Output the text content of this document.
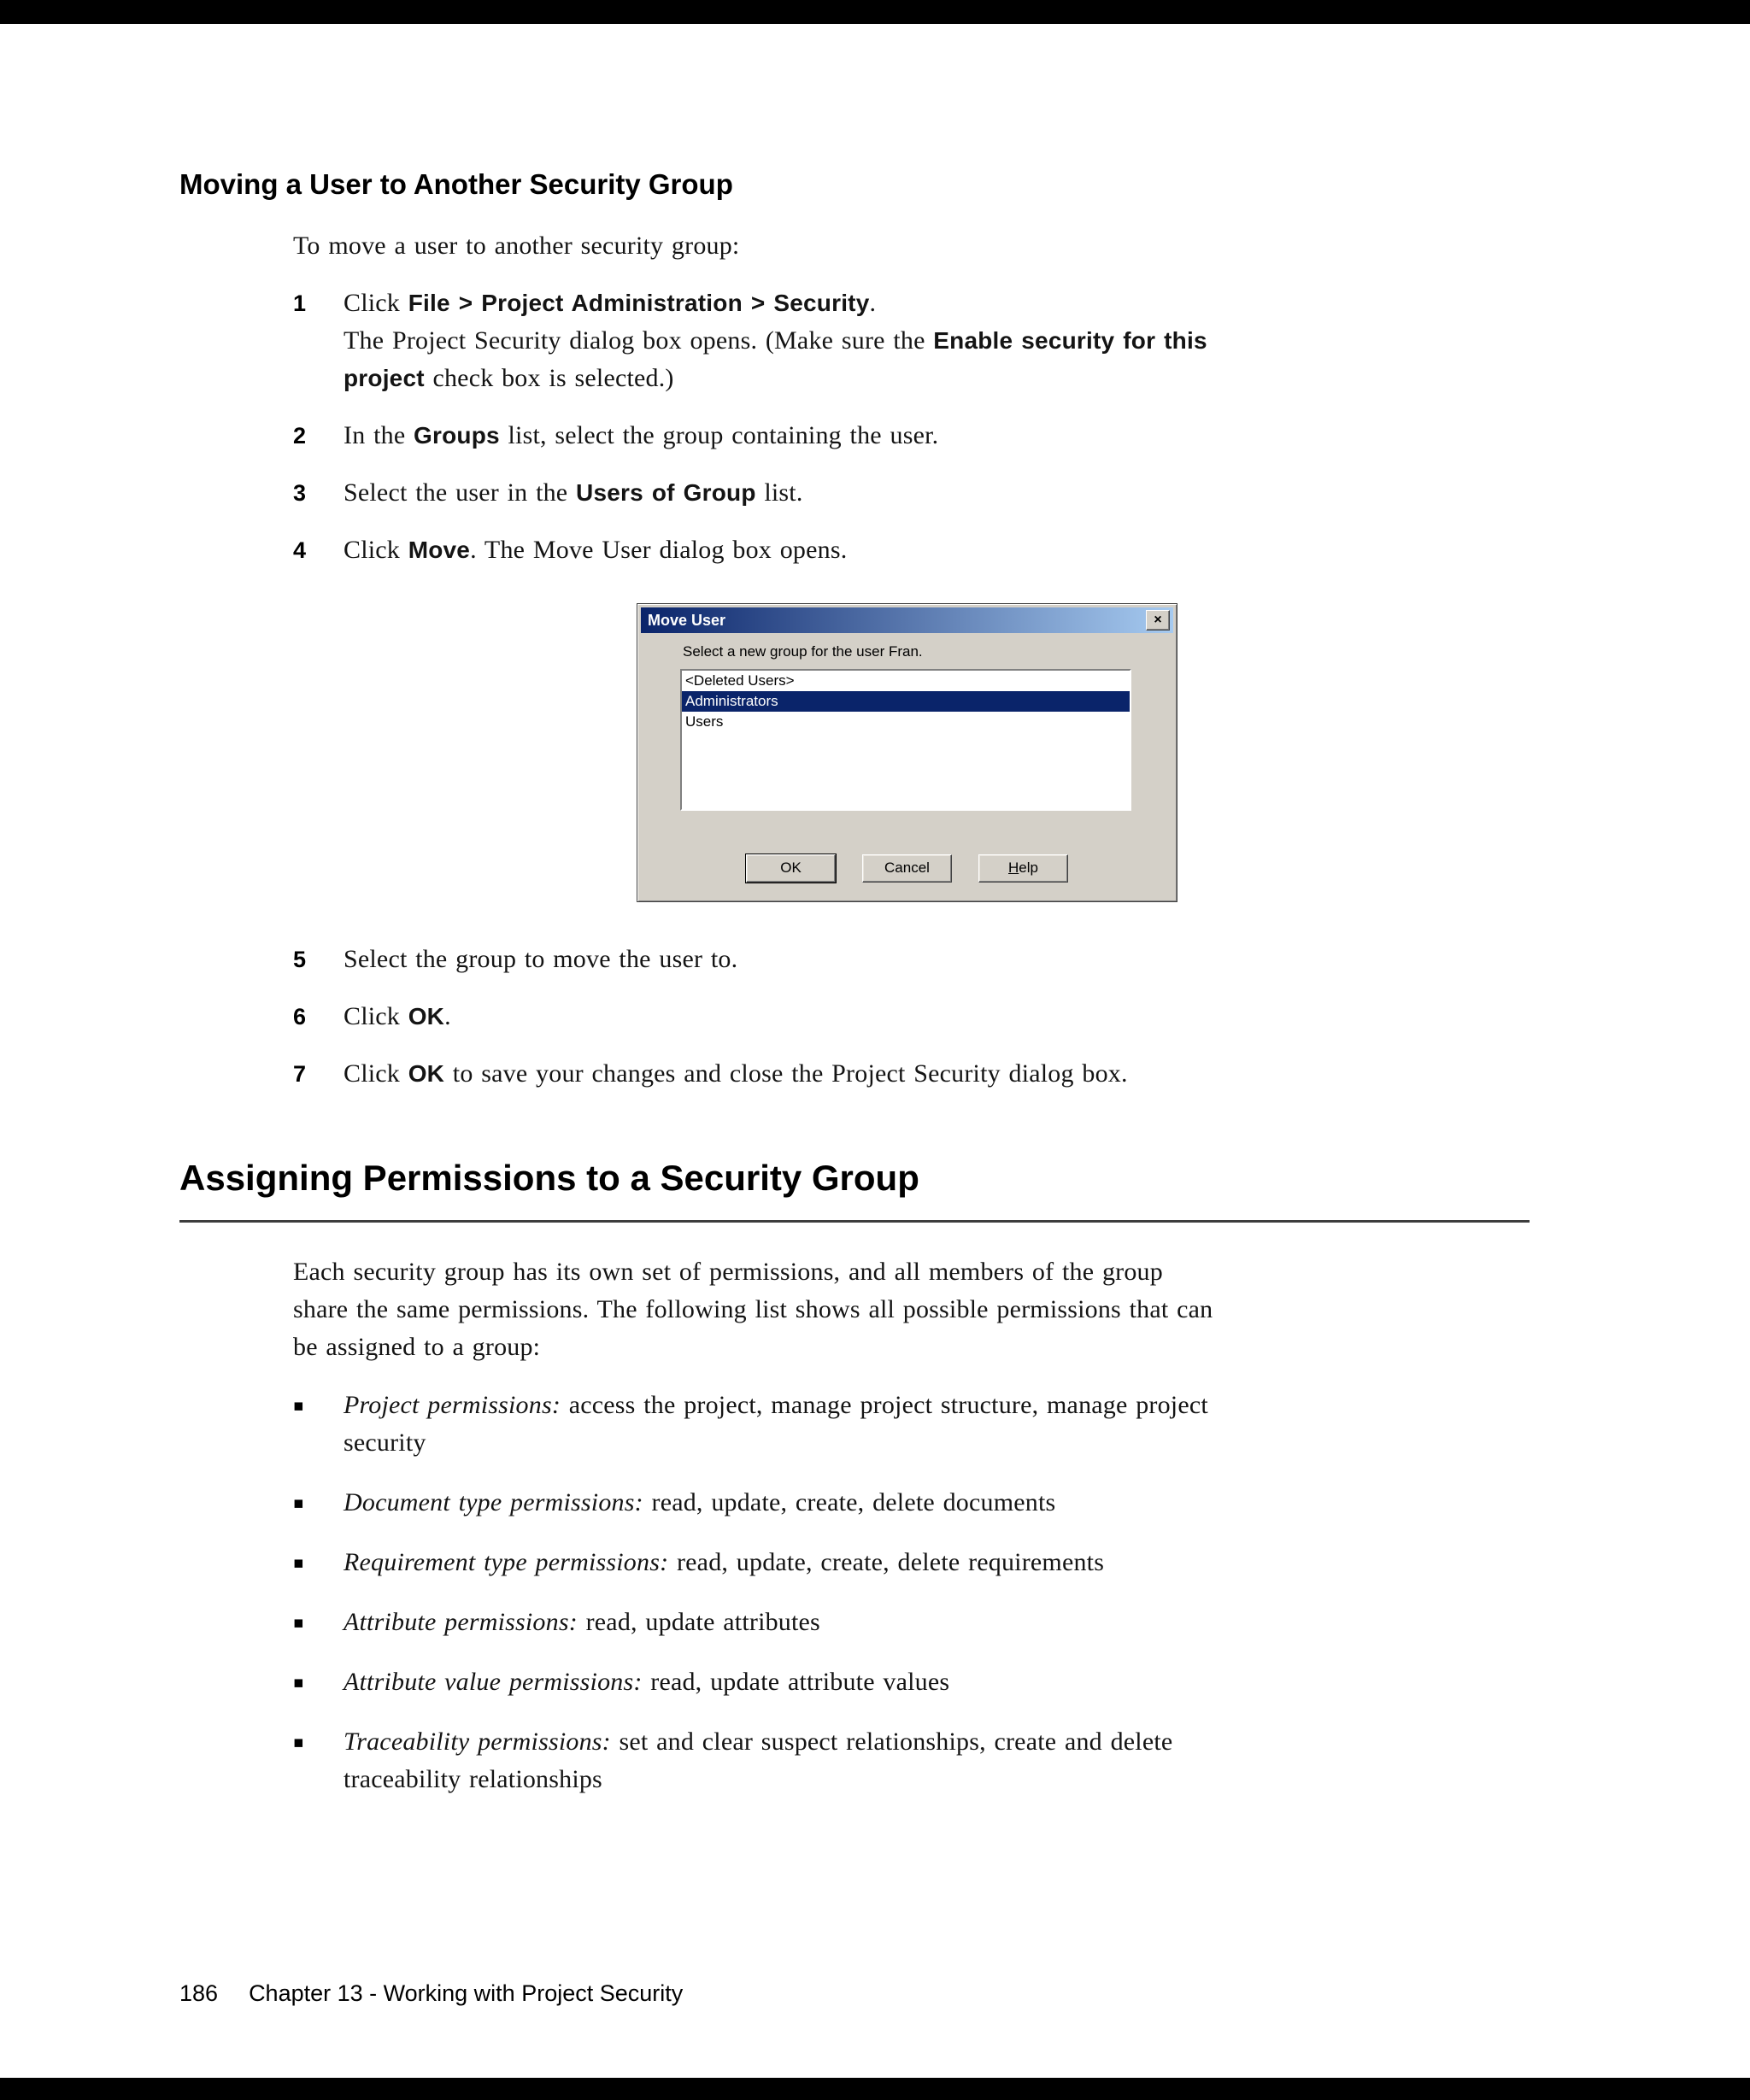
Moving a User to Another Security Group

To move a user to another security group:

1	Click File > Project Administration > Security.
The Project Security dialog box opens. (Make sure the Enable security for this
project check box is selected.)
2	In the Groups list, select the group containing the user.
3	Select the user in the Users of Group list.
4	Click Move. The Move User dialog box opens.
Move User	×
Select a new group for the user Fran.
<Deleted Users>
Administrators
Users
OK	Cancel	Help
5	Select the group to move the user to.
6	Click OK.
7	Click OK to save your changes and close the Project Security dialog box.
Assigning Permissions to a Security Group

Each security group has its own set of permissions, and all members of the group
share the same permissions. The following list shows all possible permissions that can
be assigned to a group:

▪	Project permissions: access the project, manage project structure, manage project
security
▪	Document type permissions: read, update, create, delete documents
▪	Requirement type permissions: read, update, create, delete requirements
▪	Attribute permissions: read, update attributes
▪	Attribute value permissions: read, update attribute values
▪	Traceability permissions: set and clear suspect relationships, create and delete
traceability relationships
186 Chapter 13 - Working with Project Security
